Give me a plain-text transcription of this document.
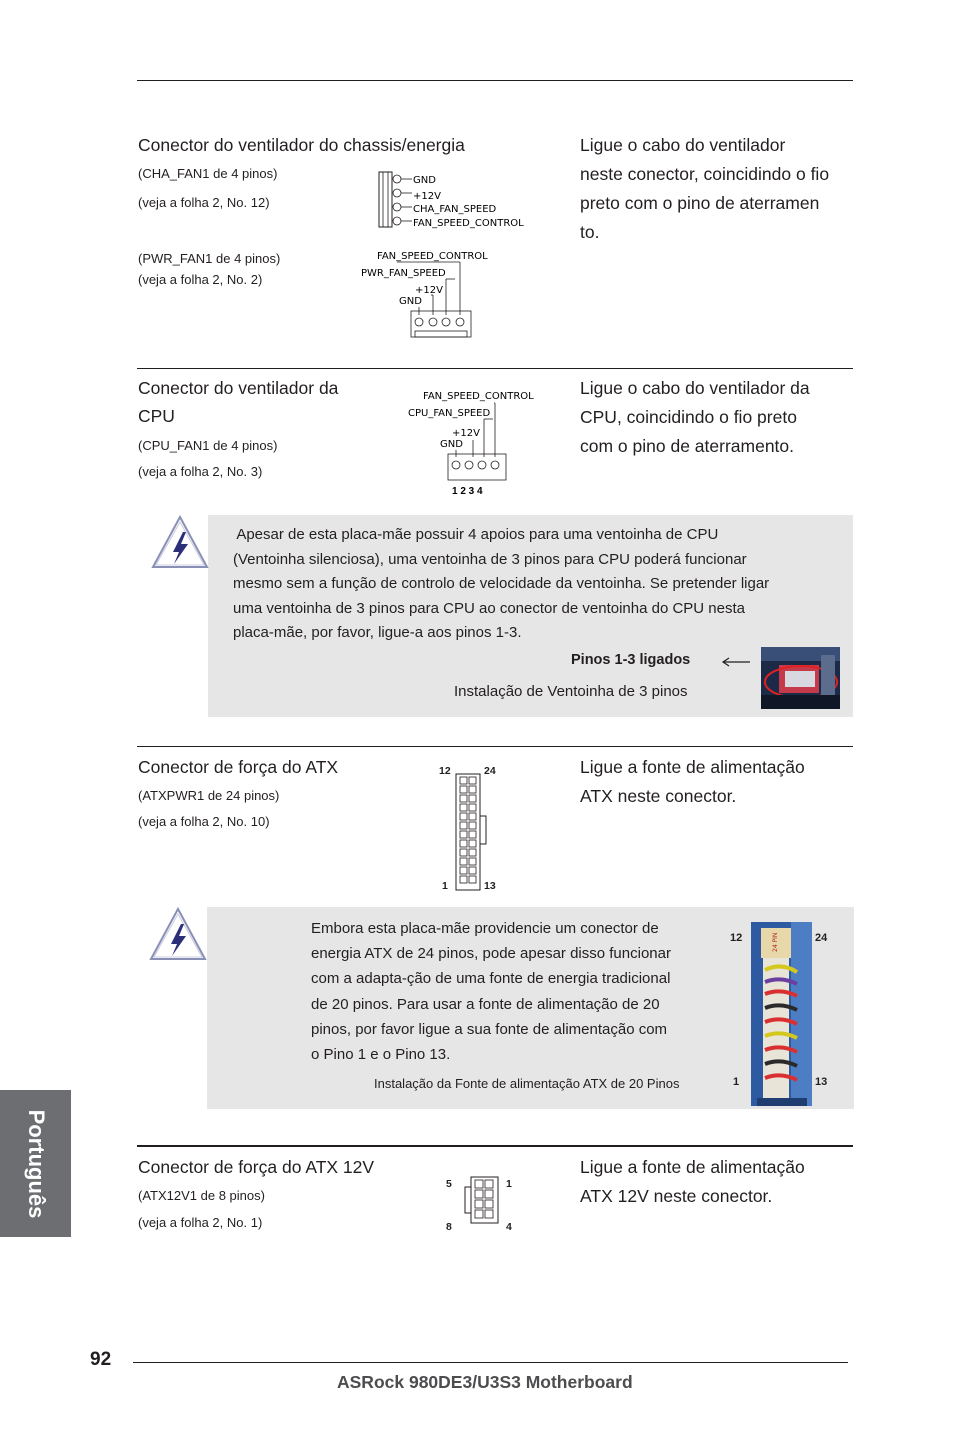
Conector do ventilador do chassis/energia
(CHA_FAN1 de 4 pinos)
(veja a folha 2, No. 12)
(PWR_FAN1 de 4 pinos)
(veja a folha 2, No. 2)
Ligue o cabo do ventilador
neste conector, coincidindo o fio
preto com o pino de aterramen
to.
GND
+12V
CHA_FAN_SPEED
FAN_SPEED_CONTROL
FAN_SPEED_CONTROL
PWR_FAN_SPEED
+12V
GND
Conector do ventilador da
CPU
(CPU_FAN1 de 4 pinos)
(veja a folha 2, No. 3)
Ligue o cabo do ventilador da
CPU, coincidindo o fio preto
com o pino de aterramento.
FAN_SPEED_CONTROL
CPU_FAN_SPEED
+12V
GND
1 2 3 4
Apesar de esta placa-mãe possuir 4 apoios para uma ventoinha de CPU
(Ventoinha silenciosa), uma ventoinha de 3 pinos para CPU poderá funcionar
mesmo sem a função de controlo de velocidade da ventoinha. Se pretender ligar
uma ventoinha de 3 pinos para CPU ao conector de ventoinha do CPU nesta
placa-mãe, por favor, ligue-a aos pinos 1-3.
Pinos 1-3 ligados
Instalação de Ventoinha de 3 pinos
Conector de força do ATX
(ATXPWR1 de 24 pinos)
(veja a folha 2, No. 10)
Ligue a fonte de alimentação
ATX neste conector.
12	24
1	13
Embora esta placa-mãe providencie um conector de
energia ATX de 24 pinos, pode apesar disso funcionar
com a adapta-ção de uma fonte de energia tradicional
de 20 pinos. Para usar a fonte de alimentação de 20
pinos, por favor ligue a sua fonte de alimentação com
o Pino 1 e o Pino 13.
Instalação da Fonte de alimentação ATX de 20 Pinos
12	24
1	13
24 PIN
Conector de força do ATX 12V
(ATX12V1 de 8 pinos)
(veja a folha 2, No. 1)
Ligue a fonte de alimentação
ATX 12V neste conector.
5	1
8	4
Português
92
ASRock 980DE3/U3S3 Motherboard
